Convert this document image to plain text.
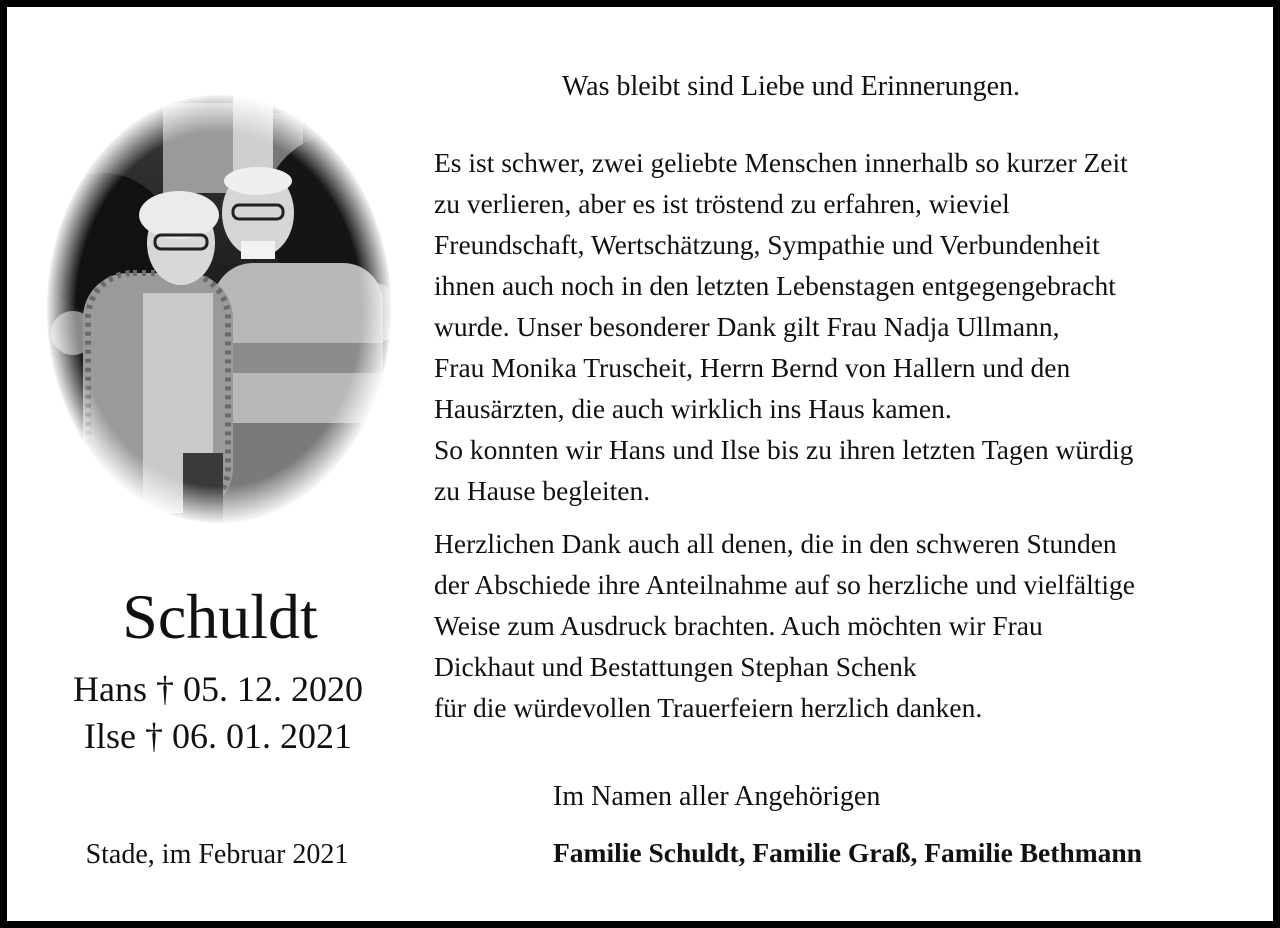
Schuldt
Hans † 05. 12. 2020
Ilse † 06. 01. 2021
Stade, im Februar 2021
Was bleibt sind Liebe und Erinnerungen.

Es ist schwer, zwei geliebte Menschen innerhalb so kurzer Zeit
zu verlieren, aber es ist tröstend zu erfahren, wieviel
Freundschaft, Wertschätzung, Sympathie und Verbundenheit
ihnen auch noch in den letzten Lebenstagen entgegengebracht
wurde. Unser besonderer Dank gilt Frau Nadja Ullmann,
Frau Monika Truscheit, Herrn Bernd von Hallern und den
Hausärzten, die auch wirklich ins Haus kamen.
So konnten wir Hans und Ilse bis zu ihren letzten Tagen würdig
zu Hause begleiten.

Herzlichen Dank auch all denen, die in den schweren Stunden
der Abschiede ihre Anteilnahme auf so herzliche und vielfältige
Weise zum Ausdruck brachten. Auch möchten wir Frau
Dickhaut und Bestattungen Stephan Schenk
für die würdevollen Trauerfeiern herzlich danken.

Im Namen aller Angehörigen
Familie Schuldt, Familie Graß, Familie Bethmann
